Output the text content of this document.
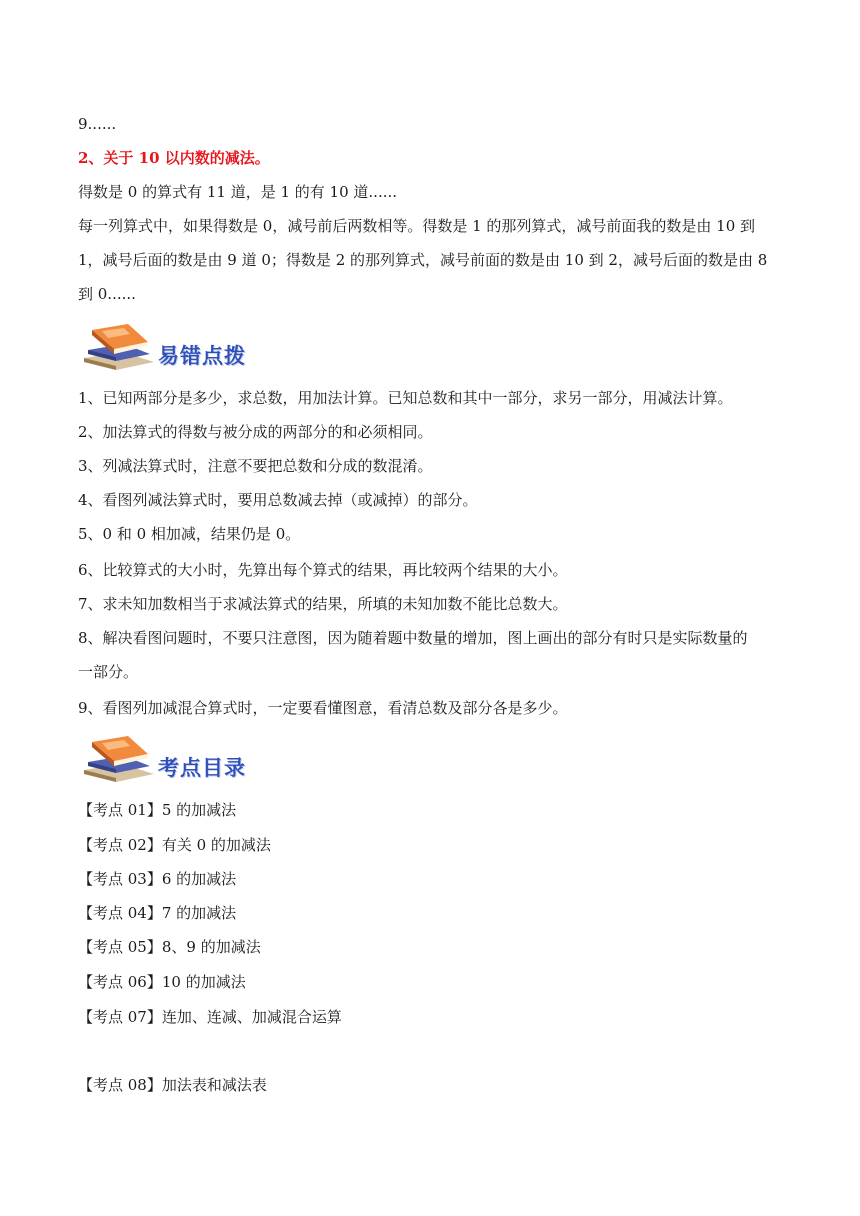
9......
2、关于 10 以内数的减法。
得数是 0 的算式有 11 道，是 1 的有 10 道......
每一列算式中，如果得数是 0，减号前后两数相等。得数是 1 的那列算式，减号前面我的数是由 10 到
1，减号后面的数是由 9 道 0；得数是 2 的那列算式，减号前面的数是由 10 到 2，减号后面的数是由 8
到 0......
易错点拨
1、已知两部分是多少，求总数，用加法计算。已知总数和其中一部分，求另一部分，用减法计算。
2、加法算式的得数与被分成的两部分的和必须相同。
3、列减法算式时，注意不要把总数和分成的数混淆。
4、看图列减法算式时，要用总数减去掉（或减掉）的部分。
5、0 和 0 相加减，结果仍是 0。
6、比较算式的大小时，先算出每个算式的结果，再比较两个结果的大小。
7、求未知加数相当于求减法算式的结果，所填的未知加数不能比总数大。
8、解决看图问题时，不要只注意图，因为随着题中数量的增加，图上画出的部分有时只是实际数量的
一部分。
9、看图列加减混合算式时，一定要看懂图意，看清总数及部分各是多少。
考点目录
【考点 01】5 的加减法
【考点 02】有关 0 的加减法
【考点 03】6 的加减法
【考点 04】7 的加减法
【考点 05】8、9 的加减法
【考点 06】10 的加减法
【考点 07】连加、连减、加减混合运算
【考点 08】加法表和减法表
